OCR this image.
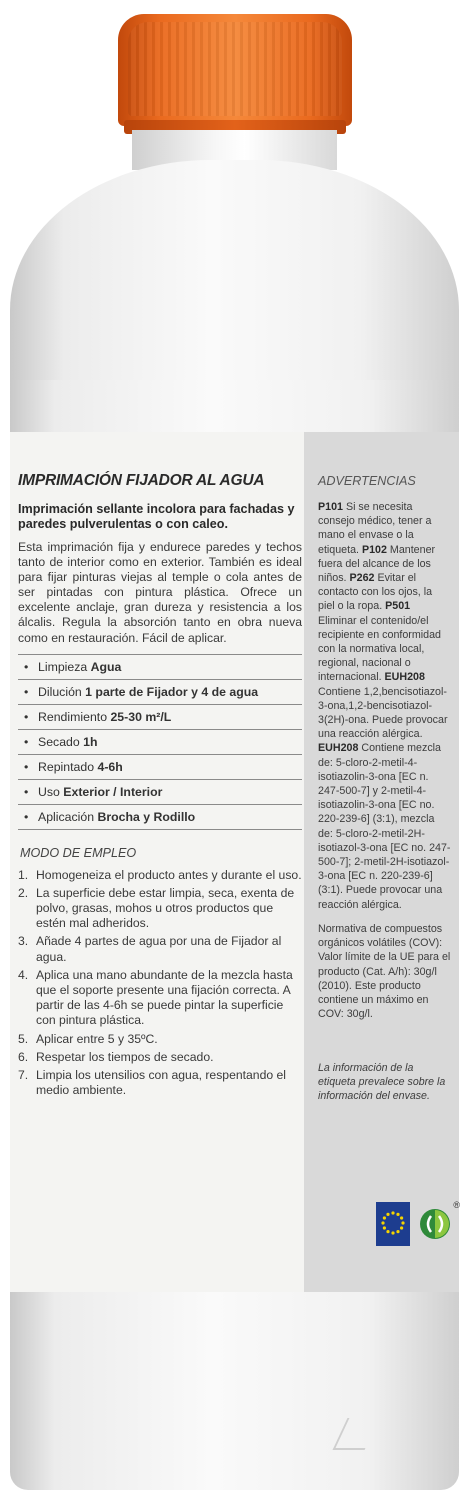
IMPRIMACIÓN FIJADOR AL AGUA
Imprimación sellante incolora para fachadas y paredes pulverulentas o con caleo.
Esta imprimación fija y endurece paredes y techos tanto de interior como en exterior. También es ideal para fijar pinturas viejas al temple o cola antes de ser pintadas con pintura plástica. Ofrece un excelente anclaje, gran dureza y resistencia a los álcalis. Regula la absorción tanto en obra nueva como en restauración. Fácil de aplicar.
• Limpieza Agua
• Dilución 1 parte de Fijador y 4 de agua
• Rendimiento 25-30 m²/L
• Secado 1h
• Repintado 4-6h
• Uso Exterior / Interior
• Aplicación Brocha y Rodillo
MODO DE EMPLEO
1. Homogeneiza el producto antes y durante el uso.
2. La superficie debe estar limpia, seca, exenta de polvo, grasas, mohos u otros productos que estén mal adheridos.
3. Añade 4 partes de agua por una de Fijador al agua.
4. Aplica una mano abundante de la mezcla hasta que el soporte presente una fijación correcta. A partir de las 4-6h se puede pintar la superficie con pintura plástica.
5. Aplicar entre 5 y 35ºC.
6. Respetar los tiempos de secado.
7. Limpia los utensilios con agua, respentando el medio ambiente.
ADVERTENCIAS
P101 Si se necesita consejo médico, tener a mano el envase o la etiqueta. P102 Mantener fuera del alcance de los niños. P262 Evitar el contacto con los ojos, la piel o la ropa. P501 Eliminar el contenido/el recipiente en conformidad con la normativa local, regional, nacional o internacional. EUH208 Contiene 1,2,bencisotiazol-3-ona,1,2-bencisotiazol-3(2H)-ona. Puede provocar una reacción alérgica. EUH208 Contiene mezcla de: 5-cloro-2-metil-4-isotiazolin-3-ona [EC n. 247-500-7] y 2-metil-4-isotiazolin-3-ona [EC no. 220-239-6] (3:1), mezcla de: 5-cloro-2-metil-2H-isotiazol-3-ona [EC no. 247-500-7]; 2-metil-2H-isotiazol-3-ona [EC n. 220-239-6] (3:1). Puede provocar una reacción alérgica.
Normativa de compuestos orgánicos volátiles (COV): Valor límite de la UE para el producto (Cat. A/h): 30g/l (2010). Este producto contiene un máximo en COV: 30g/l.
La información de la etiqueta prevalece sobre la información del envase.
®
